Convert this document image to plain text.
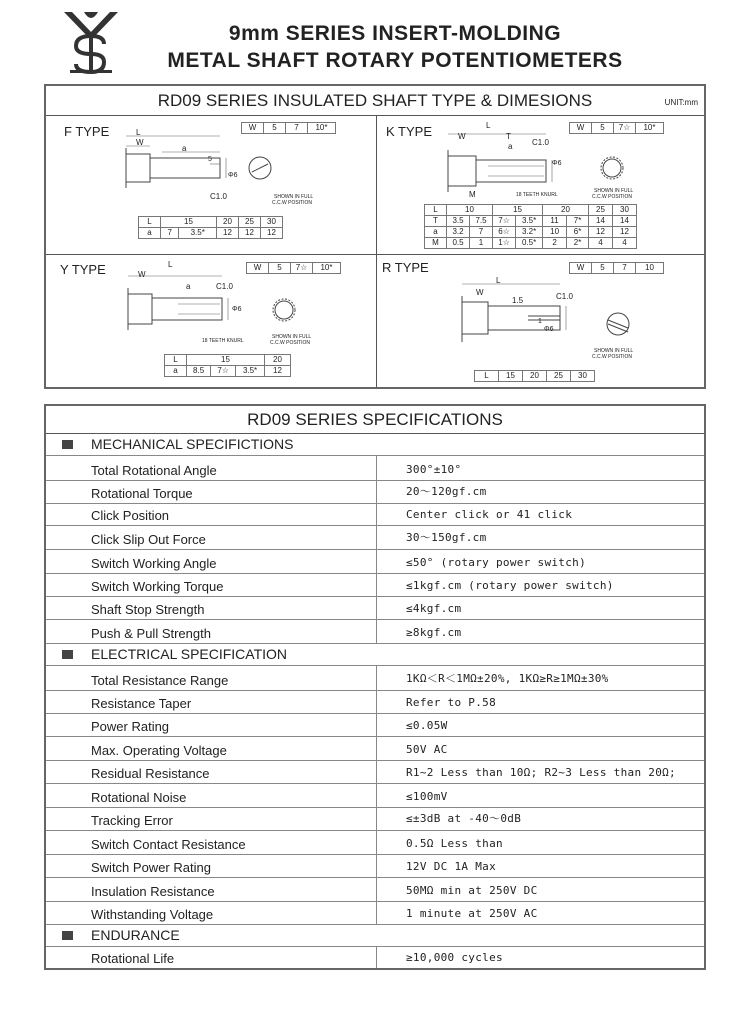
9mm SERIES INSERT-MOLDING
METAL SHAFT ROTARY POTENTIOMETERS
RD09 SERIES INSULATED SHAFT TYPE & DIMESIONS	UNIT:mm
F TYPE	W	5	7	10*
L
W
a
5
Φ6
C1.0	SHOWN IN FULL
C.C.W POSITION
L	15		20	25	30
a	7	3.5*	12	12	12
K TYPE	W	5	7☆	10*
W
L
T
a
M
Φ6
C1.0
18 TEETH KNURL
SHOWN IN FULL
C.C.W POSITION
L	10		15		20		25	30
T	3.5	7.5	7☆	3.5*	11	7*	14	14
a	3.2	7	6☆	3.2*	10	6*	12	12
M	0.5	1	1☆	0.5*	2	2*	4	4
Y TYPE	W	5	7☆	10*
W
L
a
Φ6
C1.0
18 TEETH KNURL
SHOWN IN FULL
C.C.W POSITION
L	15			20
a	8.5	7☆	3.5*	12
R TYPE	W	5	7	10
W
L
1.5
1
Φ6
C1.0
SHOWN IN FULL
C.C.W POSITION
L	15	20	25	30
RD09 SERIES SPECIFICATIONS
MECHANICAL SPECIFICTIONS
Total Rotational Angle	300°±10°
Rotational Torque	20～120gf.cm
Click Position	Center click or 41 click
Click Slip Out Force	30～150gf.cm
Switch Working Angle	≤50° (rotary power switch)
Switch Working Torque	≤1kgf.cm (rotary power switch)
Shaft Stop Strength	≤4kgf.cm
Push & Pull Strength	≥8kgf.cm
ELECTRICAL SPECIFICATION
Total Resistance Range	1KΩ＜R＜1MΩ±20%, 1KΩ≥R≥1MΩ±30%
Resistance Taper	Refer to P.58
Power Rating	≤0.05W
Max. Operating Voltage	50V AC
Residual Resistance	R1~2 Less than 10Ω; R2~3 Less than 20Ω;
Rotational Noise	≤100mV
Tracking Error	≤±3dB at -40～0dB
Switch Contact Resistance	0.5Ω Less than
Switch Power Rating	12V DC 1A Max
Insulation Resistance	50MΩ min at 250V DC
Withstanding Voltage	1 minute at 250V AC
ENDURANCE
Rotational Life	≥10,000 cycles
